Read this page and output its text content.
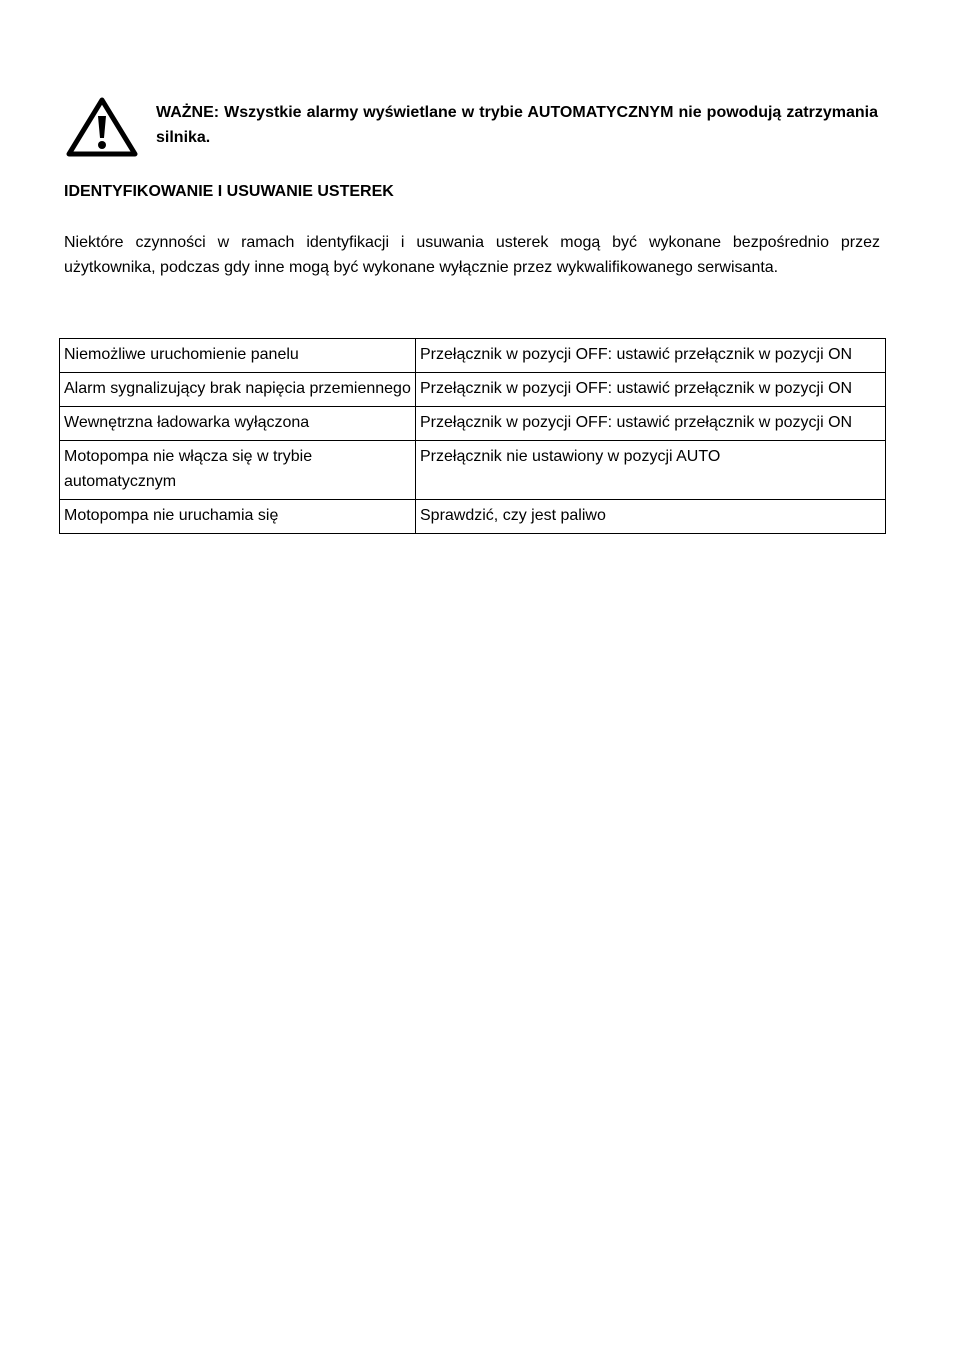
WAŻNE: Wszystkie alarmy wyświetlane w trybie AUTOMATYCZNYM nie powodują zatrzymania silnika.
IDENTYFIKOWANIE I USUWANIE USTEREK
Niektóre czynności w ramach identyfikacji i usuwania usterek mogą być wykonane bezpośrednio przez użytkownika, podczas gdy inne mogą być wykonane wyłącznie przez wykwalifikowanego serwisanta.
Niemożliwe uruchomienie panelu	Przełącznik w pozycji OFF: ustawić przełącznik w pozycji ON
Alarm sygnalizujący brak napięcia przemiennego	Przełącznik w pozycji OFF: ustawić przełącznik w pozycji ON
Wewnętrzna ładowarka wyłączona	Przełącznik w pozycji OFF: ustawić przełącznik w pozycji ON
Motopompa nie włącza się w trybie automatycznym	Przełącznik nie ustawiony w pozycji AUTO
Motopompa nie uruchamia się	Sprawdzić, czy jest paliwo
